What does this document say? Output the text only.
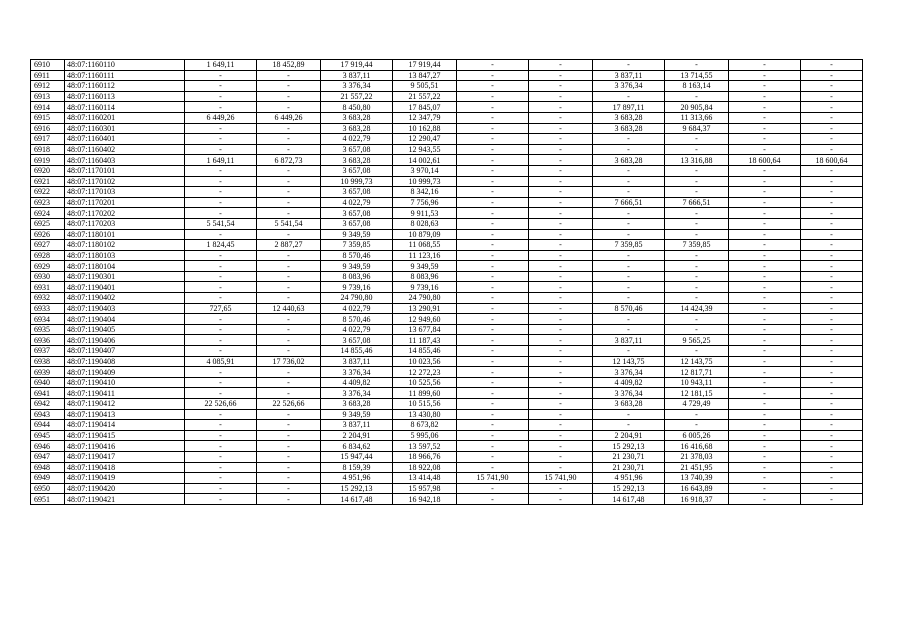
6910	48:07:1160110	1 649,11	18 452,89	17 919,44	17 919,44	-	-	-	-	-	-
6911	48:07:1160111	-	-	3 837,11	13 847,27	-	-	3 837,11	13 714,55	-	-
6912	48:07:1160112	-	-	3 376,34	9 505,51	-	-	3 376,34	8 163,14	-	-
6913	48:07:1160113	-	-	21 557,22	21 557,22	-	-	-	-	-	-
6914	48:07:1160114	-	-	8 450,80	17 845,07	-	-	17 897,11	20 905,84	-	-
6915	48:07:1160201	6 449,26	6 449,26	3 683,28	12 347,79	-	-	3 683,28	11 313,66	-	-
6916	48:07:1160301	-	-	3 683,28	10 162,88	-	-	3 683,28	9 684,37	-	-
6917	48:07:1160401	-	-	4 022,79	12 290,47	-	-	-	-	-	-
6918	48:07:1160402	-	-	3 657,08	12 943,55	-	-	-	-	-	-
6919	48:07:1160403	1 649,11	6 872,73	3 683,28	14 002,61	-	-	3 683,28	13 316,88	18 600,64	18 600,64
6920	48:07:1170101	-	-	3 657,08	3 970,14	-	-	-	-	-	-
6921	48:07:1170102	-	-	10 999,73	10 999,73	-	-	-	-	-	-
6922	48:07:1170103	-	-	3 657,08	8 342,16	-	-	-	-	-	-
6923	48:07:1170201	-	-	4 022,79	7 756,96	-	-	7 666,51	7 666,51	-	-
6924	48:07:1170202	-	-	3 657,08	9 911,53	-	-	-	-	-	-
6925	48:07:1170203	5 541,54	5 541,54	3 657,08	8 028,63	-	-	-	-	-	-
6926	48:07:1180101	-	-	9 349,59	10 879,09	-	-	-	-	-	-
6927	48:07:1180102	1 824,45	2 887,27	7 359,85	11 068,55	-	-	7 359,85	7 359,85	-	-
6928	48:07:1180103	-	-	8 570,46	11 123,16	-	-	-	-	-	-
6929	48:07:1180104	-	-	9 349,59	9 349,59	-	-	-	-	-	-
6930	48:07:1190301	-	-	8 083,96	8 083,96	-	-	-	-	-	-
6931	48:07:1190401	-	-	9 739,16	9 739,16	-	-	-	-	-	-
6932	48:07:1190402	-	-	24 790,80	24 790,80	-	-	-	-	-	-
6933	48:07:1190403	727,65	12 440,63	4 022,79	13 290,91	-	-	8 570,46	14 424,39	-	-
6934	48:07:1190404	-	-	8 570,46	12 949,60	-	-	-	-	-	-
6935	48:07:1190405	-	-	4 022,79	13 677,84	-	-	-	-	-	-
6936	48:07:1190406	-	-	3 657,08	11 187,43	-	-	3 837,11	9 565,25	-	-
6937	48:07:1190407	-	-	14 855,46	14 855,46	-	-	-	-	-	-
6938	48:07:1190408	4 085,91	17 736,02	3 837,11	10 023,56	-	-	12 143,75	12 143,75	-	-
6939	48:07:1190409	-	-	3 376,34	12 272,23	-	-	3 376,34	12 817,71	-	-
6940	48:07:1190410	-	-	4 409,82	10 525,56	-	-	4 409,82	10 943,11	-	-
6941	48:07:1190411	-	-	3 376,34	11 899,60	-	-	3 376,34	12 181,15	-	-
6942	48:07:1190412	22 526,66	22 526,66	3 683,28	10 515,56	-	-	3 683,28	4 729,49	-	-
6943	48:07:1190413	-	-	9 349,59	13 430,80	-	-	-	-	-	-
6944	48:07:1190414	-	-	3 837,11	8 673,82	-	-	-	-	-	-
6945	48:07:1190415	-	-	2 204,91	5 995,06	-	-	2 204,91	6 005,26	-	-
6946	48:07:1190416	-	-	6 834,62	13 597,52	-	-	15 292,13	16 416,68	-	-
6947	48:07:1190417	-	-	15 947,44	18 966,76	-	-	21 230,71	21 378,03	-	-
6948	48:07:1190418	-	-	8 159,39	18 922,08	-	-	21 230,71	21 451,95	-	-
6949	48:07:1190419	-	-	4 951,96	13 414,48	15 741,90	15 741,90	4 951,96	13 740,39	-	-
6950	48:07:1190420	-	-	15 292,13	15 957,98	-	-	15 292,13	16 643,89	-	-
6951	48:07:1190421	-	-	14 617,48	16 942,18	-	-	14 617,48	16 918,37	-	-
